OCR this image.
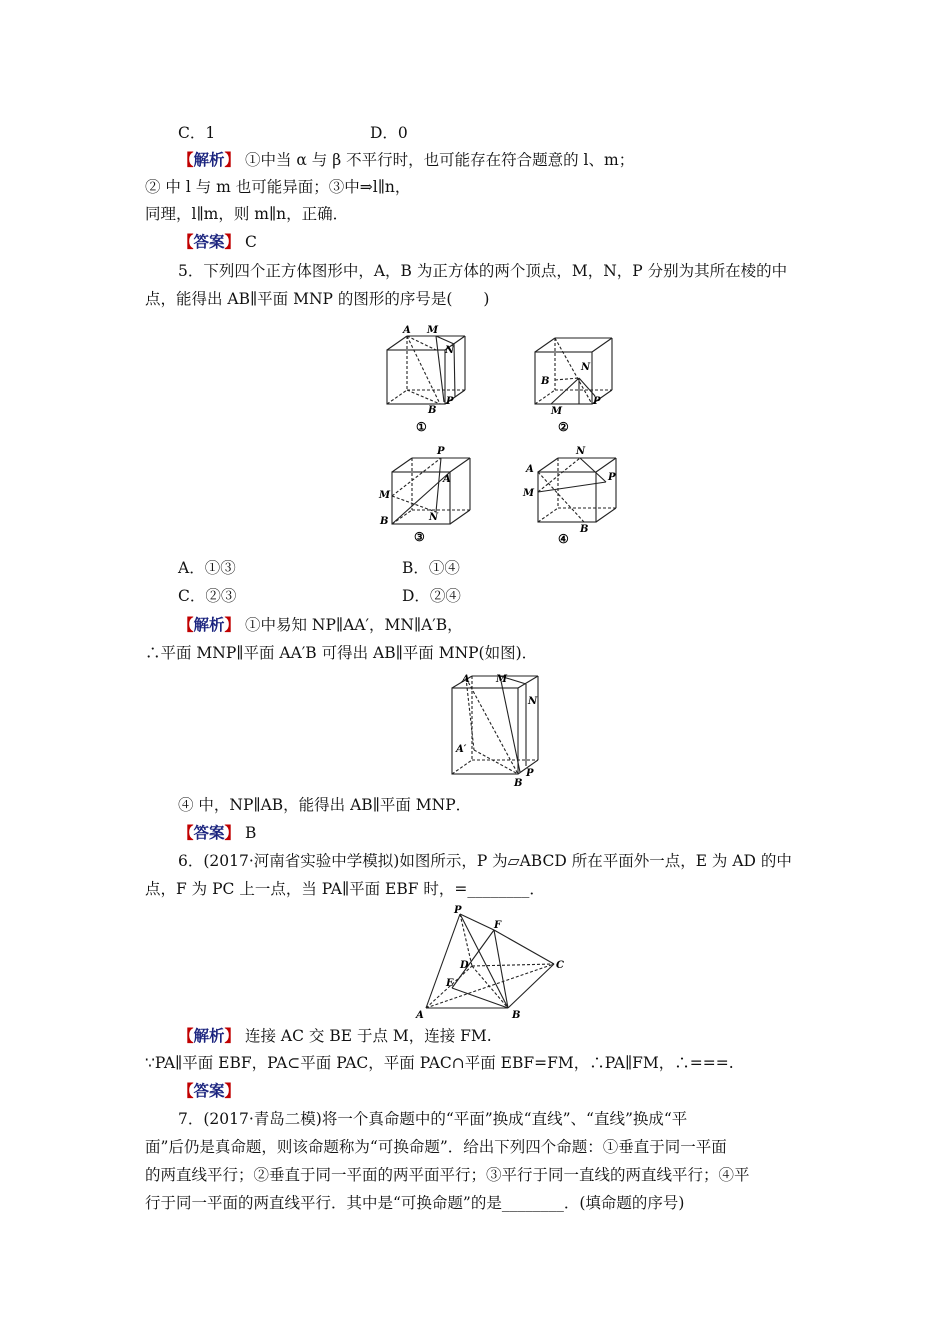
C．1	D．0
【解析】 ①中当 α 与 β 不平行时，也可能存在符合题意的 l、m；
② 中 l 与 m 也可能异面；③中⇒l∥n，
同理，l∥m，则 m∥n，正确．
【答案】 C
5．下列四个正方体图形中，A，B 为正方体的两个顶点，M，N，P 分别为其所在棱的中
点，能得出 AB∥平面 MNP 的图形的序号是(　　)
A M
N
B
P
①
N
B
M
P
②
P
A
M
B	N
③
N
A
P
M
B
④
A．①③	B．①④
C．②③	D．②④
【解析】 ①中易知 NP∥AA′，MN∥A′B，
∴平面 MNP∥平面 AA′B 可得出 AB∥平面 MNP(如图)．
A	M
N
A′
P
B
④ 中，NP∥AB，能得出 AB∥平面 MNP．
【答案】 B
6．(2017·河南省实验中学模拟)如图所示，P 为▱ABCD 所在平面外一点，E 为 AD 的中
点，F 为 PC 上一点，当 PA∥平面 EBF 时，=________．
P
F
D	C
E
A	B
【解析】 连接 AC 交 BE 于点 M，连接 FM.
∵PA∥平面 EBF，PA⊂平面 PAC，平面 PAC∩平面 EBF=FM，∴PA∥FM，∴===.
【答案】
7．(2017·青岛二模)将一个真命题中的“平面”换成“直线”、“直线”换成“平
面”后仍是真命题，则该命题称为“可换命题”．给出下列四个命题：①垂直于同一平面
的两直线平行；②垂直于同一平面的两平面平行；③平行于同一直线的两直线平行；④平
行于同一平面的两直线平行．其中是“可换命题”的是________．(填命题的序号)
